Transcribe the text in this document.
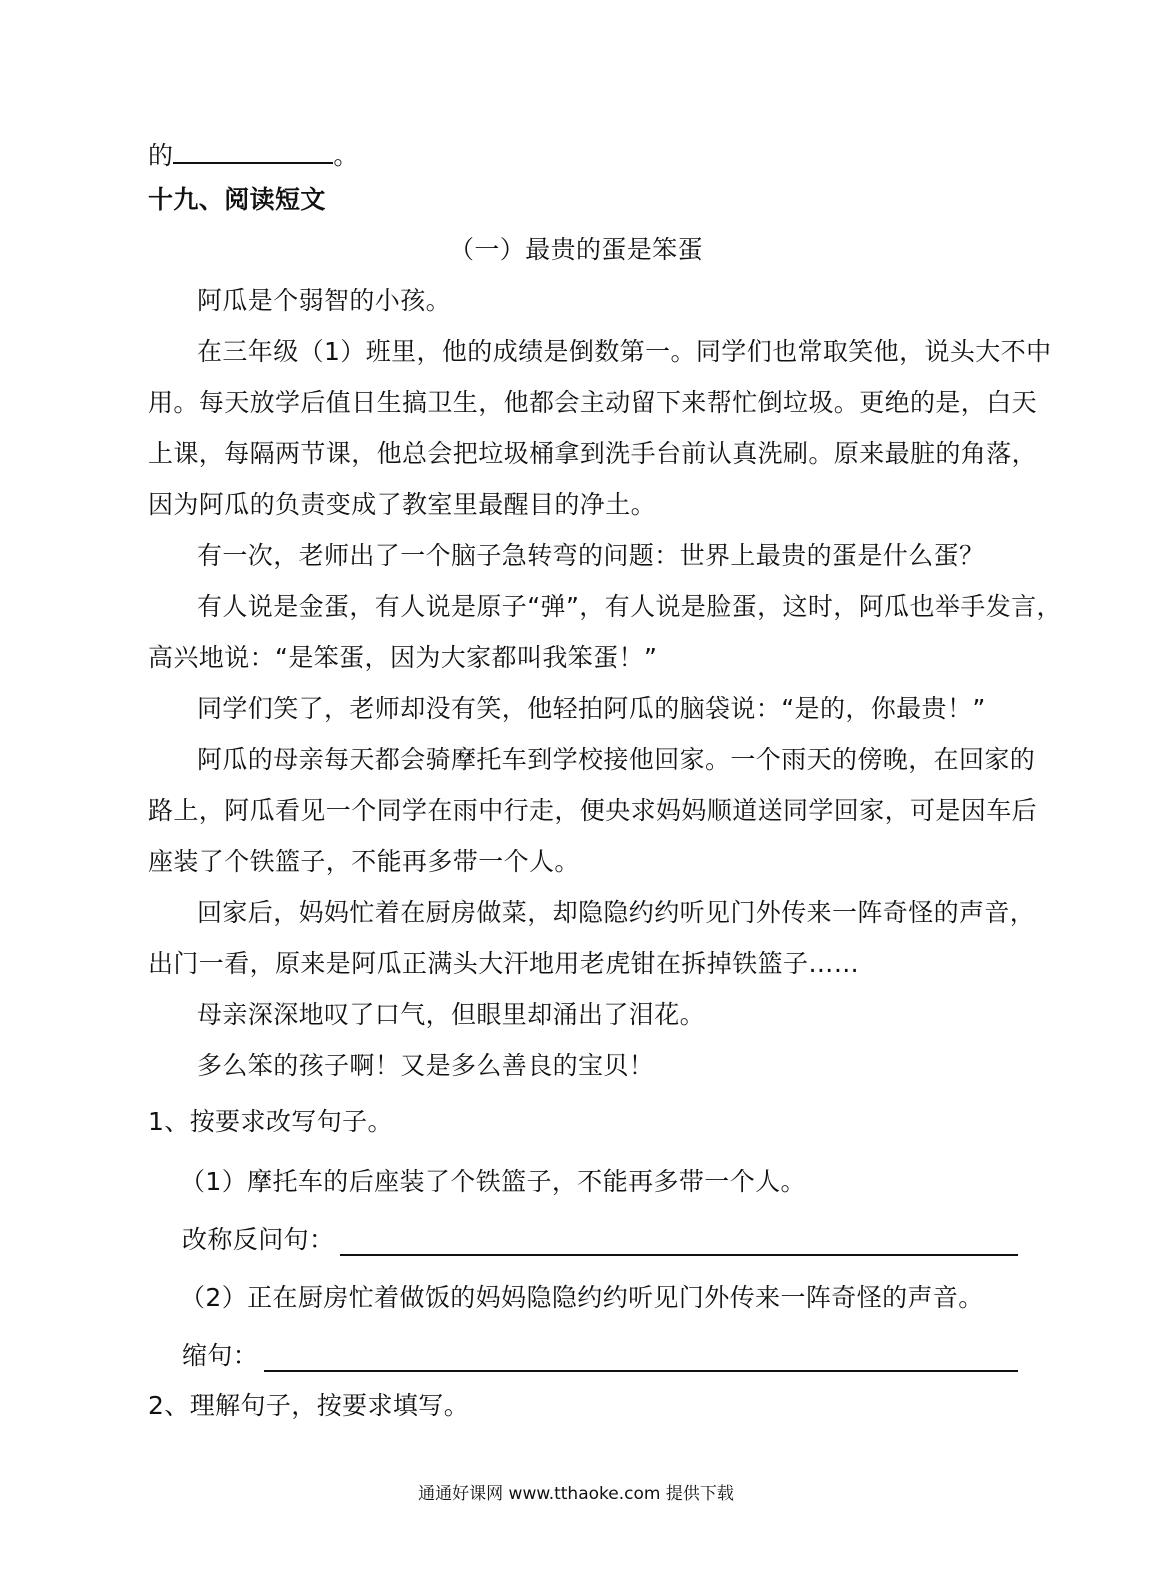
的	。
十九、阅读短文
（一）最贵的蛋是笨蛋
阿瓜是个弱智的小孩。
在三年级（1）班里，他的成绩是倒数第一。同学们也常取笑他，说头大不中
用。每天放学后值日生搞卫生，他都会主动留下来帮忙倒垃圾。更绝的是，白天
上课，每隔两节课，他总会把垃圾桶拿到洗手台前认真洗刷。原来最脏的角落，
因为阿瓜的负责变成了教室里最醒目的净土。
有一次，老师出了一个脑子急转弯的问题：世界上最贵的蛋是什么蛋？
有人说是金蛋，有人说是原子“弹”，有人说是脸蛋，这时，阿瓜也举手发言，
高兴地说：“是笨蛋，因为大家都叫我笨蛋！”
同学们笑了，老师却没有笑，他轻拍阿瓜的脑袋说：“是的，你最贵！”
阿瓜的母亲每天都会骑摩托车到学校接他回家。一个雨天的傍晚，在回家的
路上，阿瓜看见一个同学在雨中行走，便央求妈妈顺道送同学回家，可是因车后
座装了个铁篮子，不能再多带一个人。
回家后，妈妈忙着在厨房做菜，却隐隐约约听见门外传来一阵奇怪的声音，
出门一看，原来是阿瓜正满头大汗地用老虎钳在拆掉铁篮子……
母亲深深地叹了口气，但眼里却涌出了泪花。
多么笨的孩子啊！又是多么善良的宝贝！
1、按要求改写句子。
（1）摩托车的后座装了个铁篮子，不能再多带一个人。
改称反问句：
（2）正在厨房忙着做饭的妈妈隐隐约约听见门外传来一阵奇怪的声音。
缩句：
2、理解句子，按要求填写。
通通好课网 www.tthaoke.com 提供下载
